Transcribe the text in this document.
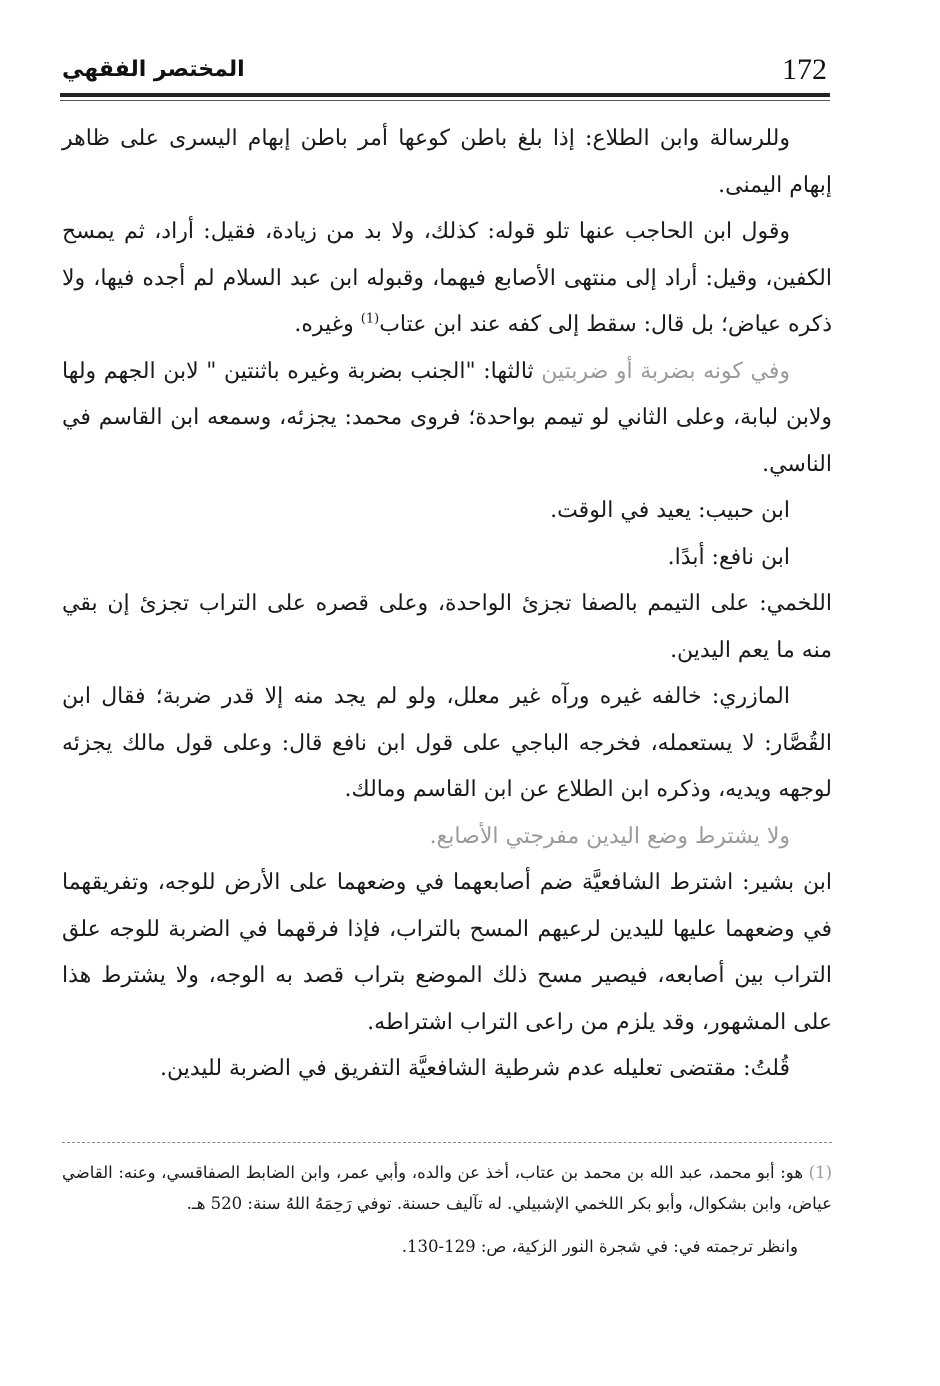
172
المختصر الفقهي

وللرسالة وابن الطلاع: إذا بلغ باطن كوعها أمر باطن إبهام اليسرى على ظاهر إبهام اليمنى.

وقول ابن الحاجب عنها تلو قوله: كذلك، ولا بد من زيادة، فقيل: أراد، ثم يمسح الكفين، وقيل: أراد إلى منتهى الأصابع فيهما، وقبوله ابن عبد السلام لم أجده فيها، ولا ذكره عياض؛ بل قال: سقط إلى كفه عند ابن عتاب$^{(1)}$ وغيره.

وفي كونه بضربة أو ضربتين ثالثها: "الجنب بضربة وغيره باثنتين " لابن الجهم ولها ولابن لبابة، وعلى الثاني لو تيمم بواحدة؛ فروى محمد: يجزئه، وسمعه ابن القاسم في الناسي.

ابن حبيب: يعيد في الوقت.

ابن نافع: أبدًا.

اللخمي: على التيمم بالصفا تجزئ الواحدة، وعلى قصره على التراب تجزئ إن بقي منه ما يعم اليدين.

المازري: خالفه غيره ورآه غير معلل، ولو لم يجد منه إلا قدر ضربة؛ فقال ابن القُصَّار: لا يستعمله، فخرجه الباجي على قول ابن نافع قال: وعلى قول مالك يجزئه لوجهه ويديه، وذكره ابن الطلاع عن ابن القاسم ومالك.

ولا يشترط وضع اليدين مفرجتي الأصابع.

ابن بشير: اشترط الشافعيَّة ضم أصابعهما في وضعهما على الأرض للوجه، وتفريقهما في وضعهما عليها لليدين لرعيهم المسح بالتراب، فإذا فرقهما في الضربة للوجه علق التراب بين أصابعه، فيصير مسح ذلك الموضع بتراب قصد به الوجه، ولا يشترط هذا على المشهور، وقد يلزم من راعى التراب اشتراطه.

قُلتُ: مقتضى تعليله عدم شرطية الشافعيَّة التفريق في الضربة لليدين.

(1) هو: أبو محمد، عبد الله بن محمد بن عتاب، أخذ عن والده، وأبي عمر، وابن الضابط الصفاقسي، وعنه: القاضي عياض، وابن بشكوال، وأبو بكر اللخمي الإشبيلي. له تآليف حسنة. توفي رَحِمَهُ اللهُ سنة: 520 هـ.

وانظر ترجمته في: في شجرة النور الزكية، ص: 129-130.
